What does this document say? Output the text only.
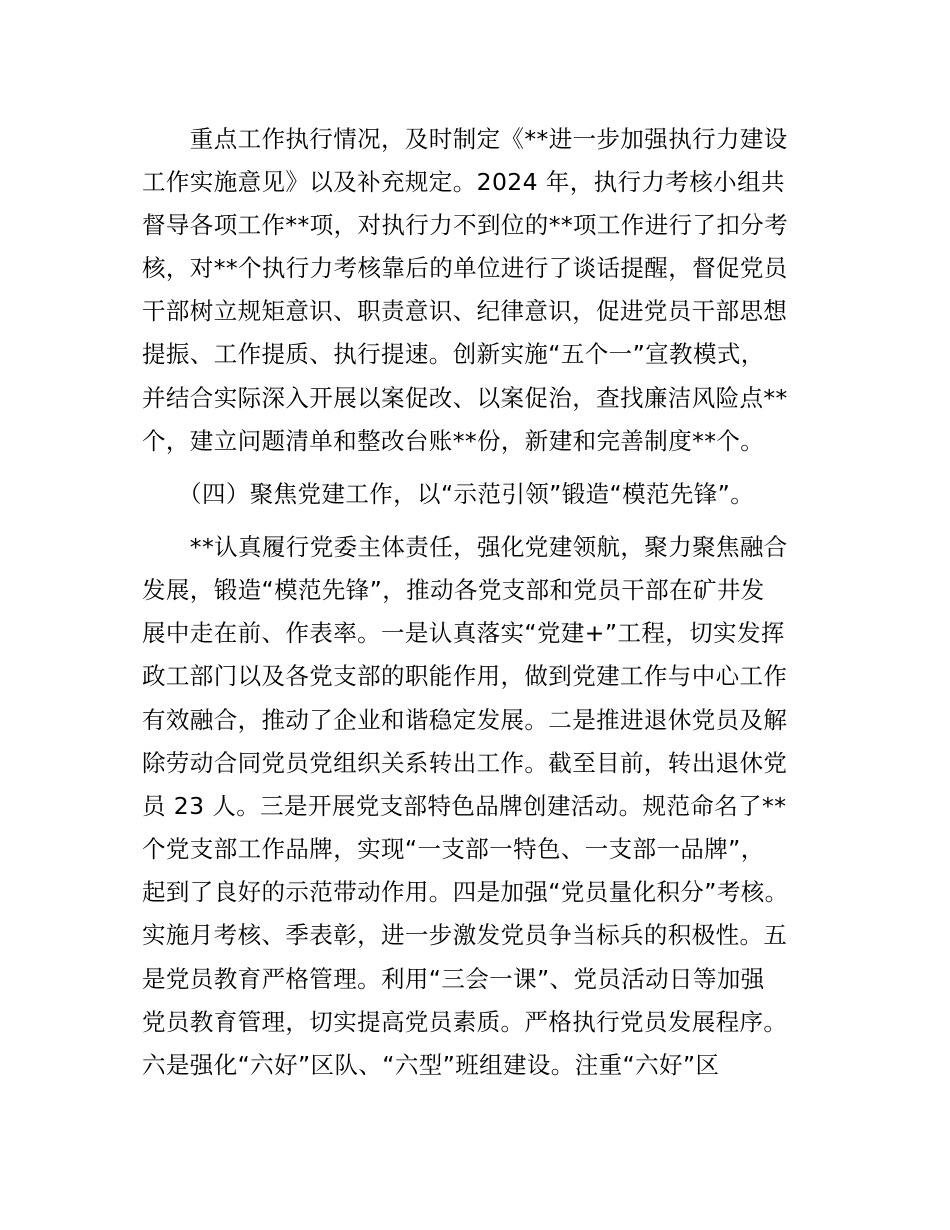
　　重点工作执行情况，及时制定《**进一步加强执行力建设
工作实施意见》以及补充规定。2024 年，执行力考核小组共
督导各项工作**项，对执行力不到位的**项工作进行了扣分考
核，对**个执行力考核靠后的单位进行了谈话提醒，督促党员
干部树立规矩意识、职责意识、纪律意识，促进党员干部思想
提振、工作提质、执行提速。创新实施“五个一”宣教模式，
并结合实际深入开展以案促改、以案促治，查找廉洁风险点**
个，建立问题清单和整改台账**份，新建和完善制度**个。
　　（四）聚焦党建工作，以“示范引领”锻造“模范先锋”。
　　**认真履行党委主体责任，强化党建领航，聚力聚焦融合
发展，锻造“模范先锋”，推动各党支部和党员干部在矿井发
展中走在前、作表率。一是认真落实“党建+”工程，切实发挥
政工部门以及各党支部的职能作用，做到党建工作与中心工作
有效融合，推动了企业和谐稳定发展。二是推进退休党员及解
除劳动合同党员党组织关系转出工作。截至目前，转出退休党
员 23 人。三是开展党支部特色品牌创建活动。规范命名了**
个党支部工作品牌，实现“一支部一特色、一支部一品牌”，
起到了良好的示范带动作用。四是加强“党员量化积分”考核。
实施月考核、季表彰，进一步激发党员争当标兵的积极性。五
是党员教育严格管理。利用“三会一课”、党员活动日等加强
党员教育管理，切实提高党员素质。严格执行党员发展程序。
六是强化“六好”区队、“六型”班组建设。注重“六好”区
